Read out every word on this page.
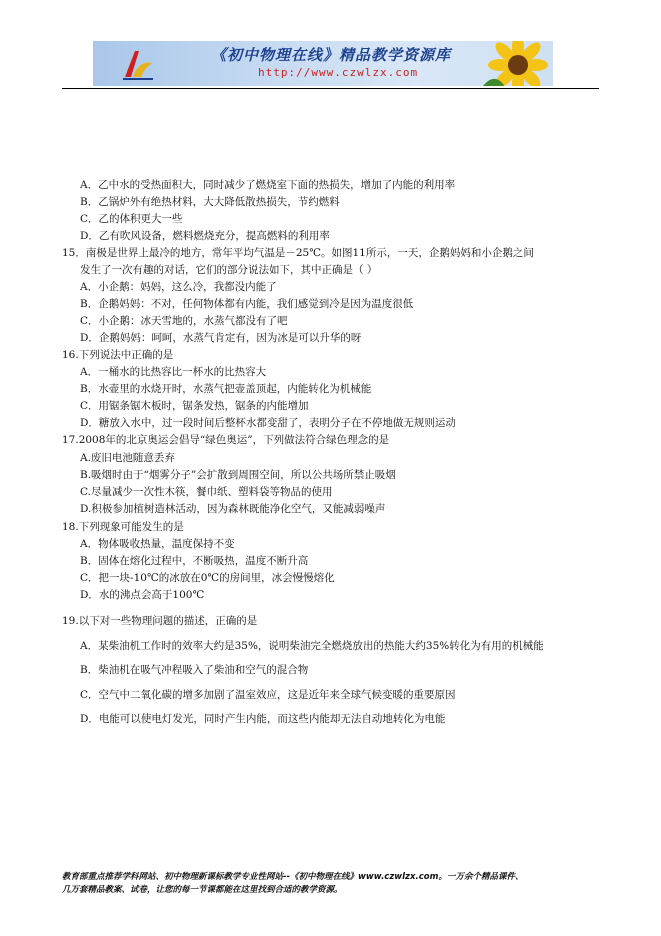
《初中物理在线》精品教学资源库
http://www.czwlzx.com
A．乙中水的受热面积大，同时减少了燃烧室下面的热损失，增加了内能的利用率
B．乙锅炉外有绝热材料，大大降低散热损失，节约燃料
C．乙的体积更大一些
D．乙有吹风设备，燃料燃烧充分，提高燃料的利用率
15．南极是世界上最冷的地方，常年平均气温是－25℃。如图11所示，一天，企鹅妈妈和小企鹅之间
发生了一次有趣的对话，它们的部分说法如下，其中正确是（ ）
A．小企鹅：妈妈，这么冷，我都没内能了
B．企鹅妈妈：不对，任何物体都有内能，我们感觉到冷是因为温度很低
C．小企鹅：冰天雪地的，水蒸气都没有了吧
D．企鹅妈妈：呵呵，水蒸气肯定有，因为冰是可以升华的呀
16.下列说法中正确的是
A．一桶水的比热容比一杯水的比热容大
B．水壶里的水烧开时，水蒸气把壶盖顶起，内能转化为机械能
C．用锯条锯木板时，锯条发热，锯条的内能增加
D．糖放入水中，过一段时间后整杯水都变甜了，表明分子在不停地做无规则运动
17.2008年的北京奥运会倡导“绿色奥运”，下列做法符合绿色理念的是
A.废旧电池随意丢弃
B.吸烟时由于“烟雾分子”会扩散到周围空间，所以公共场所禁止吸烟
C.尽量减少一次性木筷，餐巾纸、塑料袋等物品的使用
D.积极参加植树造林活动，因为森林既能净化空气，又能减弱噪声
18.下列现象可能发生的是
A．物体吸收热量，温度保持不变
B．固体在熔化过程中，不断吸热，温度不断升高
C．把一块-10℃的冰放在0℃的房间里，冰会慢慢熔化
D．水的沸点会高于100℃
19.以下对一些物理问题的描述，正确的是
A．某柴油机工作时的效率大约是35%，说明柴油完全燃烧放出的热能大约35%转化为有用的机械能
B．柴油机在吸气冲程吸入了柴油和空气的混合物
C．空气中二氧化碳的增多加剧了温室效应，这是近年来全球气候变暖的重要原因
D．电能可以使电灯发光，同时产生内能，而这些内能却无法自动地转化为电能
教育部重点推荐学科网站、初中物理新课标教学专业性网站--《初中物理在线》www.czwlzx.com。一万余个精品课件、
几万套精品教案、试卷，让您的每一节课都能在这里找到合适的教学资源。
